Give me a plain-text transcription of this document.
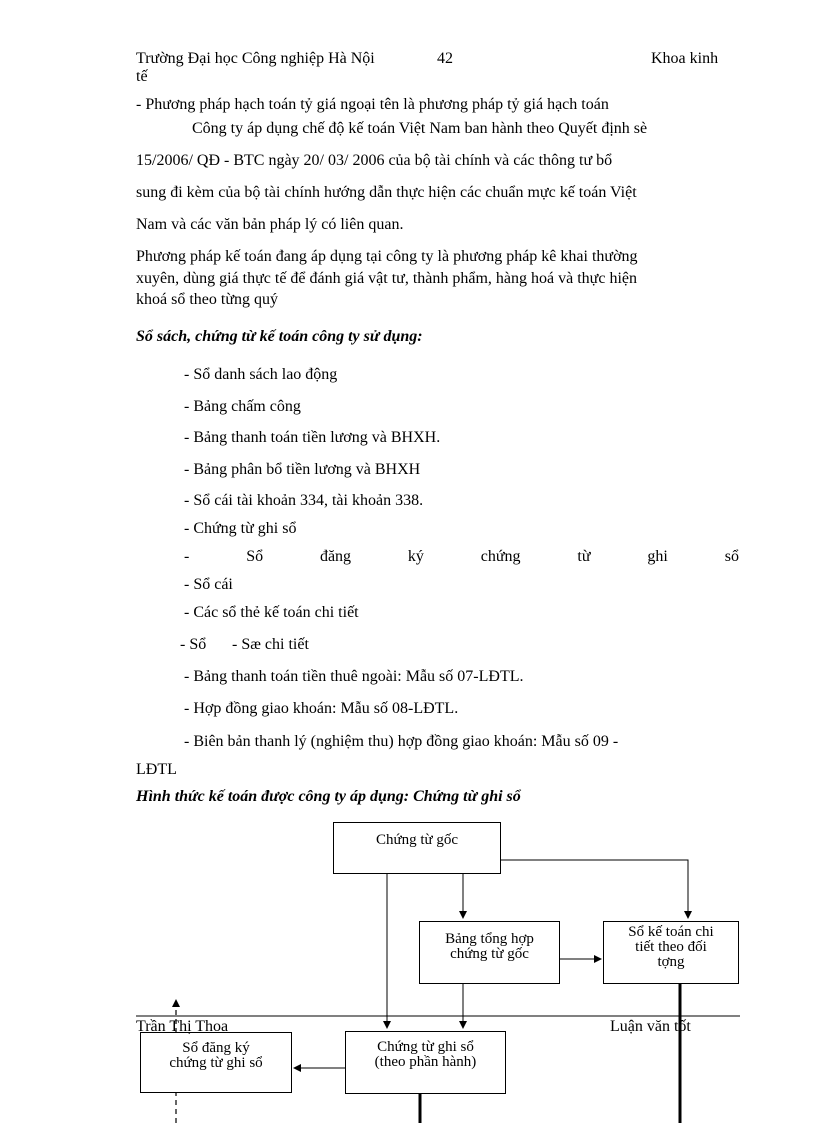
Trường Đại học Công nghiệp Hà Nội	42	Khoa kinh
tế
- Phương pháp hạch toán tỷ giá ngoại tên là phương pháp tỷ giá hạch toán
Công ty áp dụng chế độ kế toán Việt Nam ban hành theo Quyết định sè
15/2006/ QĐ - BTC ngày 20/ 03/ 2006 của bộ tài chính và các thông tư bổ
sung đi kèm của bộ tài chính hướng dẫn thực hiện các chuẩn mực kế toán Việt
Nam và các văn bản pháp lý có liên quan.
Phương pháp kế toán đang áp dụng tại công ty là phương pháp kê khai thường
xuyên, dùng giá thực tế để đánh giá vật tư, thành phẩm, hàng hoá và thực hiện
khoá sổ theo từng quý
Sổ sách, chứng từ kế toán công ty sử dụng:
- Sổ danh sách lao động
- Bảng chấm công
- Bảng thanh toán tiền lương và BHXH.
- Bảng phân bổ tiền lương và BHXH
- Sổ cái tài khoản 334, tài khoản 338.
- Chứng từ ghi sổ
-	Sổ	đăng	ký	chứng	từ	ghi	sổ
- Sổ cái
- Các sổ thẻ kế toán chi tiết
- Sổ - Sæ chi tiết
- Bảng thanh toán tiền thuê ngoài: Mẫu số 07-LĐTL.
- Hợp đồng giao khoán: Mẫu số 08-LĐTL.
- Biên bản thanh lý (nghiệm thu) hợp đồng giao khoán: Mẫu số 09 -
LĐTL
Hình thức kế toán được công ty áp dụng: Chứng từ ghi sổ
Chứng từ gốc
Bảng tổng hợp
chứng từ gốc
Sổ kế toán chi
tiết theo đối
tợng
Sổ đăng ký
chứng từ ghi sổ
Chứng từ ghi sổ
(theo phần hành)
Trần Thị Thoa	Luận văn tốt
